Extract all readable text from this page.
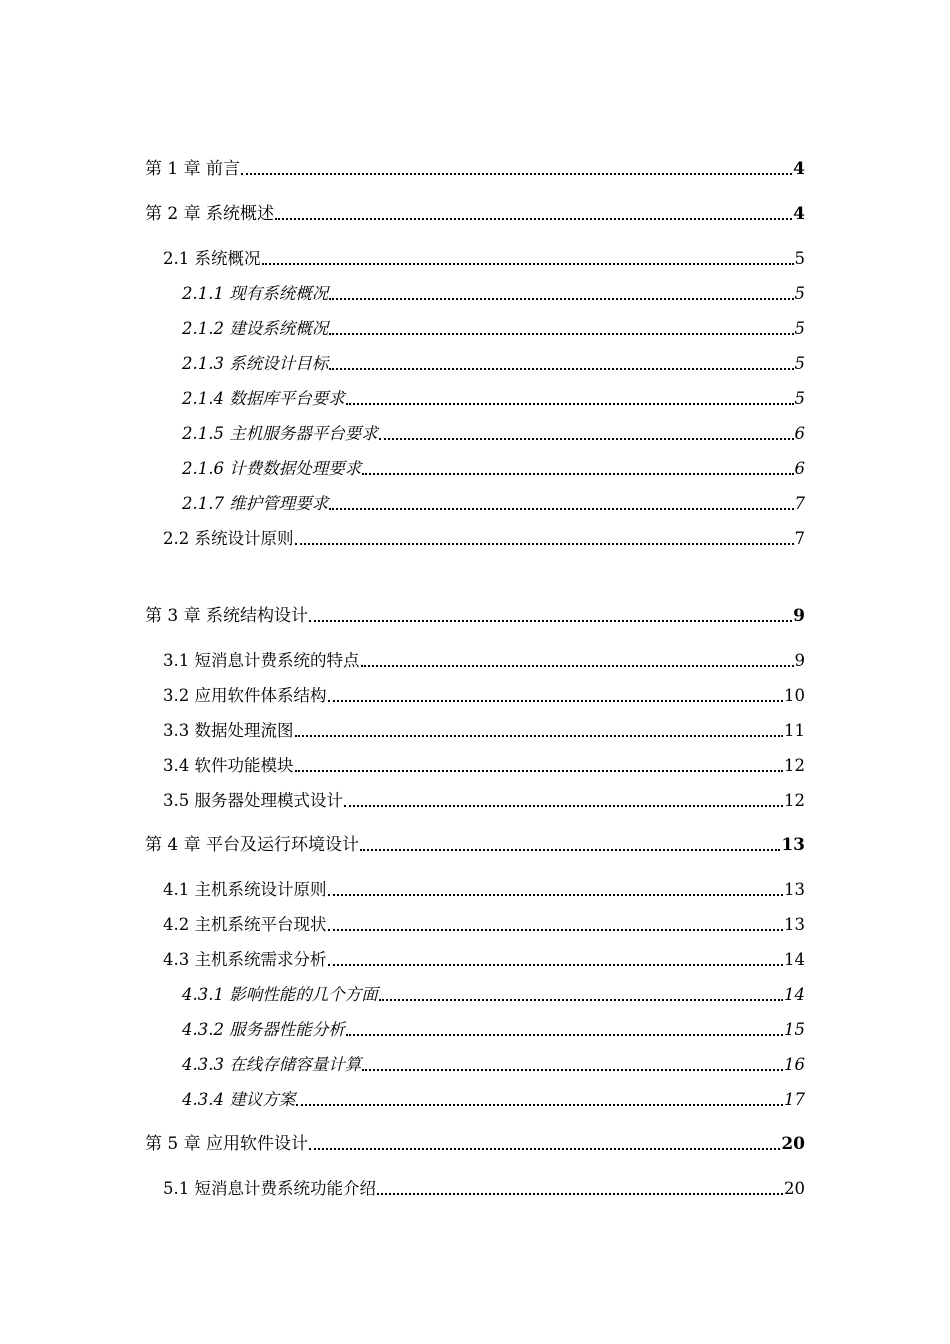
第 1 章 前言	4
第 2 章 系统概述	4
2.1 系统概况	5
2.1.1 现有系统概况	5
2.1.2 建设系统概况	5
2.1.3 系统设计目标	5
2.1.4 数据库平台要求	5
2.1.5 主机服务器平台要求	6
2.1.6 计费数据处理要求	6
2.1.7 维护管理要求	7
2.2 系统设计原则	7
第 3 章 系统结构设计	9
3.1 短消息计费系统的特点	9
3.2 应用软件体系结构	10
3.3 数据处理流图	11
3.4 软件功能模块	12
3.5 服务器处理模式设计	12
第 4 章 平台及运行环境设计	13
4.1 主机系统设计原则	13
4.2 主机系统平台现状	13
4.3 主机系统需求分析	14
4.3.1 影响性能的几个方面	14
4.3.2 服务器性能分析	15
4.3.3 在线存储容量计算	16
4.3.4 建议方案	17
第 5 章 应用软件设计	20
5.1 短消息计费系统功能介绍	20
